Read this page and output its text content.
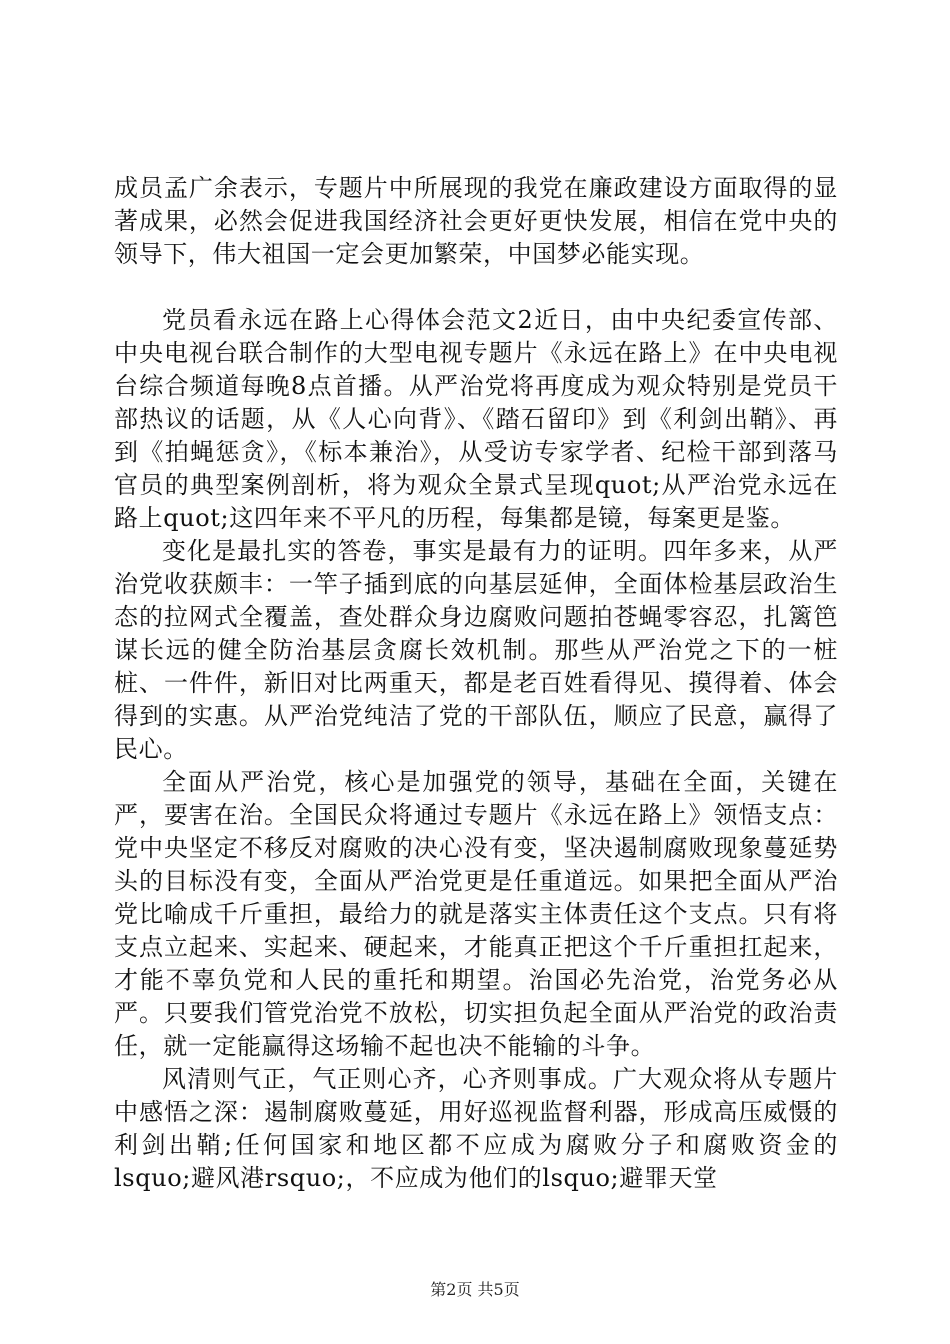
成员孟广余表示，专题片中所展现的我党在廉政建设方面取得的显著成果，必然会促进我国经济社会更好更快发展，相信在党中央的领导下，伟大祖国一定会更加繁荣，中国梦必能实现。

党员看永远在路上心得体会范文2近日，由中央纪委宣传部、中央电视台联合制作的大型电视专题片《永远在路上》在中央电视台综合频道每晚8点首播。从严治党将再度成为观众特别是党员干部热议的话题，从《人心向背》、《踏石留印》到《利剑出鞘》、再到《拍蝇惩贪》，《标本兼治》，从受访专家学者、纪检干部到落马官员的典型案例剖析，将为观众全景式呈现quot;从严治党永远在路上quot;这四年来不平凡的历程，每集都是镜，每案更是鉴。

变化是最扎实的答卷，事实是最有力的证明。四年多来，从严治党收获颇丰：一竿子插到底的向基层延伸，全面体检基层政治生态的拉网式全覆盖，查处群众身边腐败问题拍苍蝇零容忍，扎篱笆谋长远的健全防治基层贪腐长效机制。那些从严治党之下的一桩桩、一件件，新旧对比两重天，都是老百姓看得见、摸得着、体会得到的实惠。从严治党纯洁了党的干部队伍，顺应了民意，赢得了民心。

全面从严治党，核心是加强党的领导，基础在全面，关键在严，要害在治。全国民众将通过专题片《永远在路上》领悟支点：党中央坚定不移反对腐败的决心没有变，坚决遏制腐败现象蔓延势头的目标没有变，全面从严治党更是任重道远。如果把全面从严治党比喻成千斤重担，最给力的就是落实主体责任这个支点。只有将支点立起来、实起来、硬起来，才能真正把这个千斤重担扛起来，才能不辜负党和人民的重托和期望。治国必先治党，治党务必从严。只要我们管党治党不放松，切实担负起全面从严治党的政治责任，就一定能赢得这场输不起也决不能输的斗争。

风清则气正，气正则心齐，心齐则事成。广大观众将从专题片中感悟之深：遏制腐败蔓延，用好巡视监督利器，形成高压威慑的利剑出鞘;任何国家和地区都不应成为腐败分子和腐败资金的lsquo;避风港rsquo;，不应成为他们的lsquo;避罪天堂

第2页 共5页
